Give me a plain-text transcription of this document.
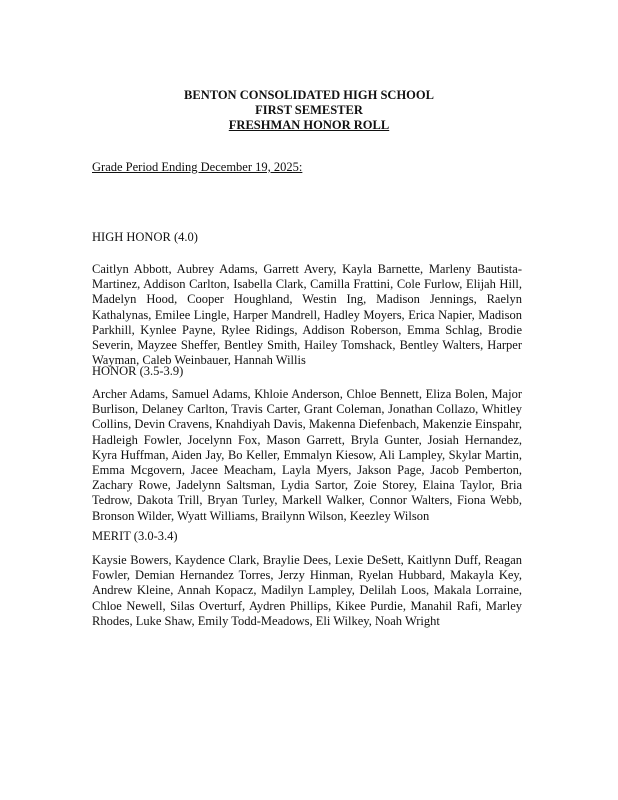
BENTON CONSOLIDATED HIGH SCHOOL
FIRST SEMESTER
FRESHMAN HONOR ROLL
Grade Period Ending December 19, 2025:
HIGH HONOR (4.0)
Caitlyn Abbott, Aubrey Adams, Garrett Avery, Kayla Barnette, Marleny Bautista-Martinez, Addison Carlton, Isabella Clark, Camilla Frattini, Cole Furlow, Elijah Hill, Madelyn Hood, Cooper Houghland, Westin Ing, Madison Jennings, Raelyn Kathalynas, Emilee Lingle, Harper Mandrell, Hadley Moyers, Erica Napier, Madison Parkhill, Kynlee Payne, Rylee Ridings, Addison Roberson, Emma Schlag, Brodie Severin, Mayzee Sheffer, Bentley Smith, Hailey Tomshack, Bentley Walters, Harper Wayman, Caleb Weinbauer, Hannah Willis
HONOR (3.5-3.9)
Archer Adams, Samuel Adams, Khloie Anderson, Chloe Bennett, Eliza Bolen, Major Burlison, Delaney Carlton, Travis Carter, Grant Coleman, Jonathan Collazo, Whitley Collins, Devin Cravens, Knahdiyah Davis, Makenna Diefenbach, Makenzie Einspahr, Hadleigh Fowler, Jocelynn Fox, Mason Garrett, Bryla Gunter, Josiah Hernandez, Kyra Huffman, Aiden Jay, Bo Keller, Emmalyn Kiesow, Ali Lampley, Skylar Martin, Emma Mcgovern, Jacee Meacham, Layla Myers, Jakson Page, Jacob Pemberton, Zachary Rowe, Jadelynn Saltsman, Lydia Sartor, Zoie Storey, Elaina Taylor, Bria Tedrow, Dakota Trill, Bryan Turley, Markell Walker, Connor Walters, Fiona Webb, Bronson Wilder, Wyatt Williams, Brailynn Wilson, Keezley Wilson
MERIT (3.0-3.4)
Kaysie Bowers, Kaydence Clark, Braylie Dees, Lexie DeSett, Kaitlynn Duff, Reagan Fowler, Demian Hernandez Torres, Jerzy Hinman, Ryelan Hubbard, Makayla Key, Andrew Kleine, Annah Kopacz, Madilyn Lampley, Delilah Loos, Makala Lorraine, Chloe Newell, Silas Overturf, Aydren Phillips, Kikee Purdie, Manahil Rafi, Marley Rhodes, Luke Shaw, Emily Todd-Meadows, Eli Wilkey, Noah Wright
